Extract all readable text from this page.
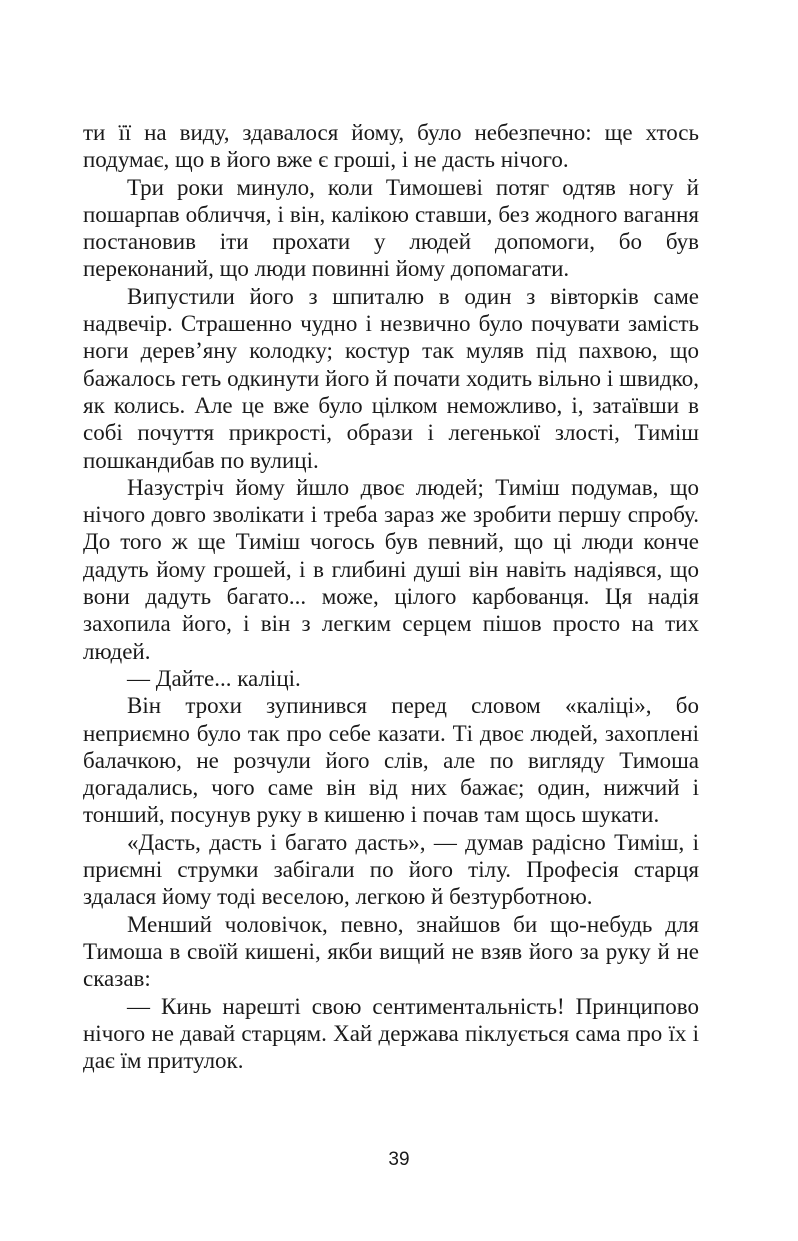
ти її на виду, здавалося йому, було небезпечно: ще хтось подумає, що в його вже є гроші, і не дасть нічого.

Три роки минуло, коли Тимошеві потяг одтяв ногу й пошарпав обличчя, і він, калікою ставши, без жодного вагання постановив іти прохати у людей допомоги, бо був переконаний, що люди повинні йому допомагати.

Випустили його з шпиталю в один з вівторків саме надвечір. Страшенно чудно і незвично було почувати замість ноги дерев’яну колодку; костур так муляв під пахвою, що бажалось геть одкинути його й почати ходить вільно і швидко, як колись. Але це вже було цілком неможливо, і, затаївши в собі почуття прикрості, образи і легенької злості, Тиміш пошкандибав по вулиці.

Назустріч йому йшло двоє людей; Тиміш подумав, що нічого довго зволікати і треба зараз же зробити першу спробу. До того ж ще Тиміш чогось був певний, що ці люди конче дадуть йому грошей, і в глибині душі він навіть надіявся, що вони дадуть багато... може, цілого карбованця. Ця надія захопила його, і він з легким серцем пішов просто на тих людей.

— Дайте... каліці.

Він трохи зупинився перед словом «каліці», бо неприємно було так про себе казати. Ті двоє людей, захоплені балачкою, не розчули його слів, але по вигляду Тимоша догадались, чого саме він від них бажає; один, нижчий і тонший, посунув руку в кишеню і почав там щось шукати.

«Дасть, дасть і багато дасть», — думав радісно Тиміш, і приємні струмки забігали по його тілу. Професія старця здалася йому тоді веселою, легкою й безтурботною.

Менший чоловічок, певно, знайшов би що-небудь для Тимоша в своїй кишені, якби вищий не взяв його за руку й не сказав:

— Кинь нарешті свою сентиментальність! Принципово нічого не давай старцям. Хай держава піклується сама про їх і дає їм притулок.

39
